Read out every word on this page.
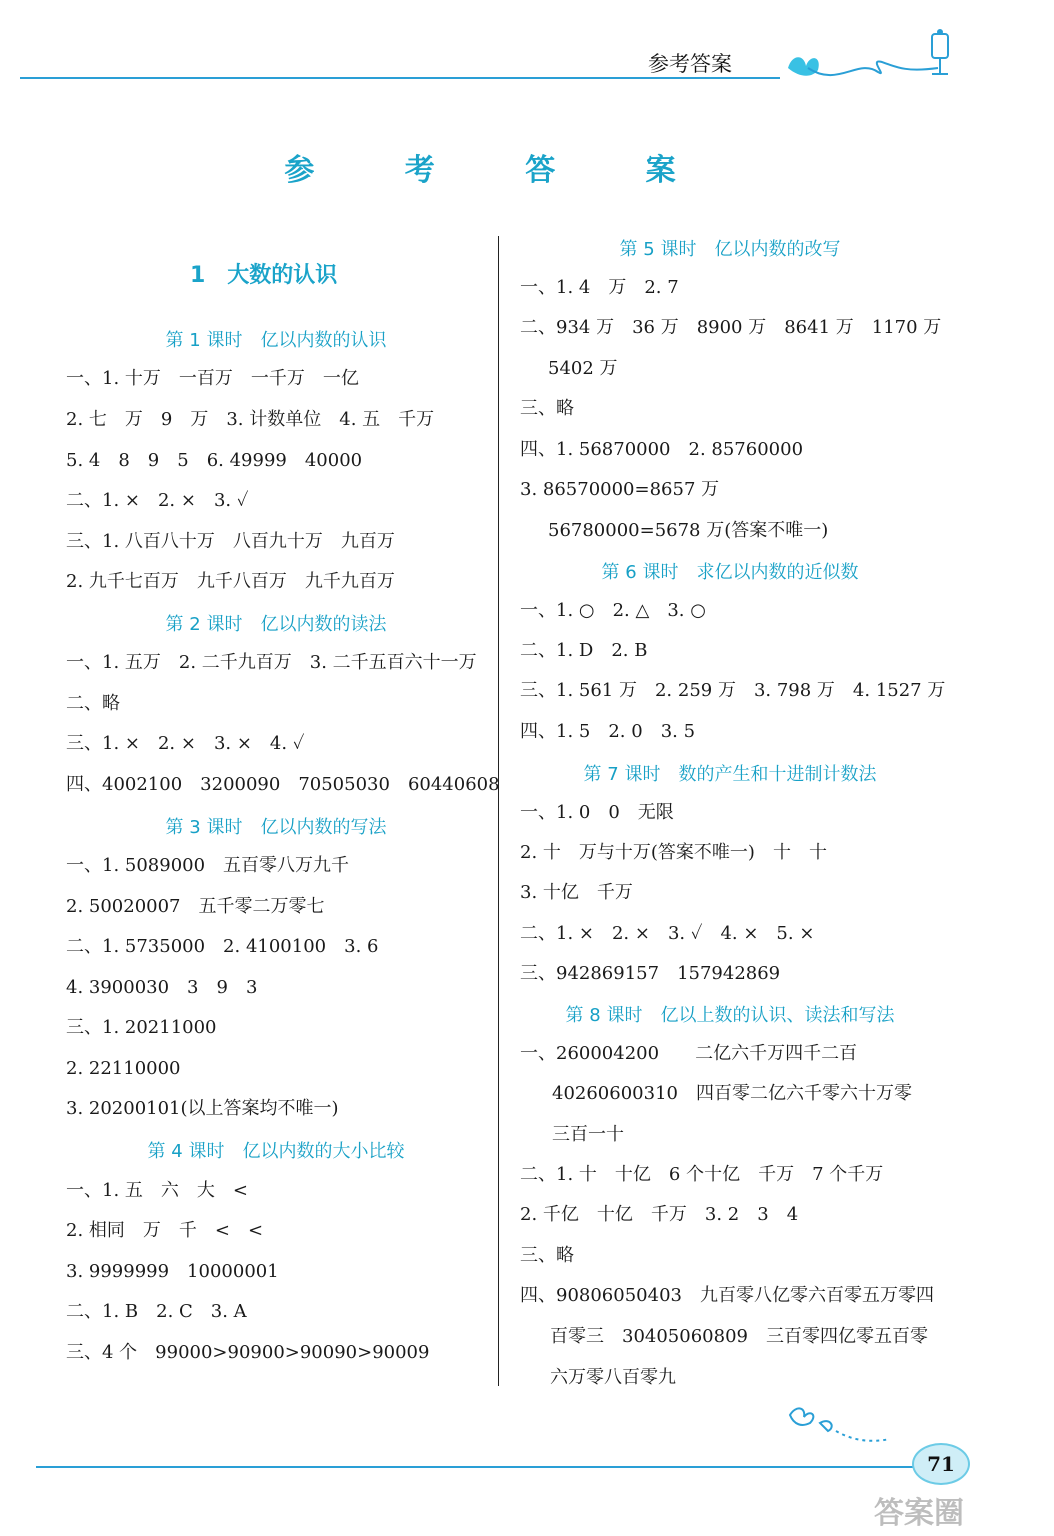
参考答案
参 考 答 案
1　大数的认识
第 1 课时　亿以内数的认识
一、1. 十万　一百万　一千万　一亿
2. 七　万　9　万　3. 计数单位　4. 五　千万
5. 4　8　9　5　6. 49999　40000
二、1. ×　2. ×　3. ✓
三、1. 八百八十万　八百九十万　九百万
2. 九千七百万　九千八百万　九千九百万
第 2 课时　亿以内数的读法
一、1. 五万　2. 二千九百万　3. 二千五百六十一万
二、略
三、1. ×　2. ×　3. ×　4. ✓
四、4002100　3200090　70505030　60440608
第 3 课时　亿以内数的写法
一、1. 5089000　五百零八万九千
2. 50020007　五千零二万零七
二、1. 5735000　2. 4100100　3. 6
4. 3900030　3　9　3
三、1. 20211000
2. 22110000
3. 20200101(以上答案均不唯一)
第 4 课时　亿以内数的大小比较
一、1. 五　六　大　<
2. 相同　万　千　<　<
3. 9999999　10000001
二、1. B　2. C　3. A
三、4 个　99000>90900>90090>90009
第 5 课时　亿以内数的改写
一、1. 4　万　2. 7
二、934 万　36 万　8900 万　8641 万　1170 万
5402 万
三、略
四、1. 56870000　2. 85760000
3. 86570000=8657 万
56780000=5678 万(答案不唯一)
第 6 课时　求亿以内数的近似数
一、1. ○　2. △　3. ○
二、1. D　2. B
三、1. 561 万　2. 259 万　3. 798 万　4. 1527 万
四、1. 5　2. 0　3. 5
第 7 课时　数的产生和十进制计数法
一、1. 0　0　无限
2. 十　万与十万(答案不唯一)　十　十
3. 十亿　千万
二、1. ×　2. ×　3. ✓　4. ×　5. ×
三、942869157　157942869
第 8 课时　亿以上数的认识、读法和写法
一、260004200　　二亿六千万四千二百
40260600310　四百零二亿六千零六十万零
三百一十
二、1. 十　十亿　6 个十亿　千万　7 个千万
2. 千亿　十亿　千万　3. 2　3　4
三、略
四、90806050403　九百零八亿零六百零五万零四
百零三　30405060809　三百零四亿零五百零
六万零八百零九
71
答案圈
